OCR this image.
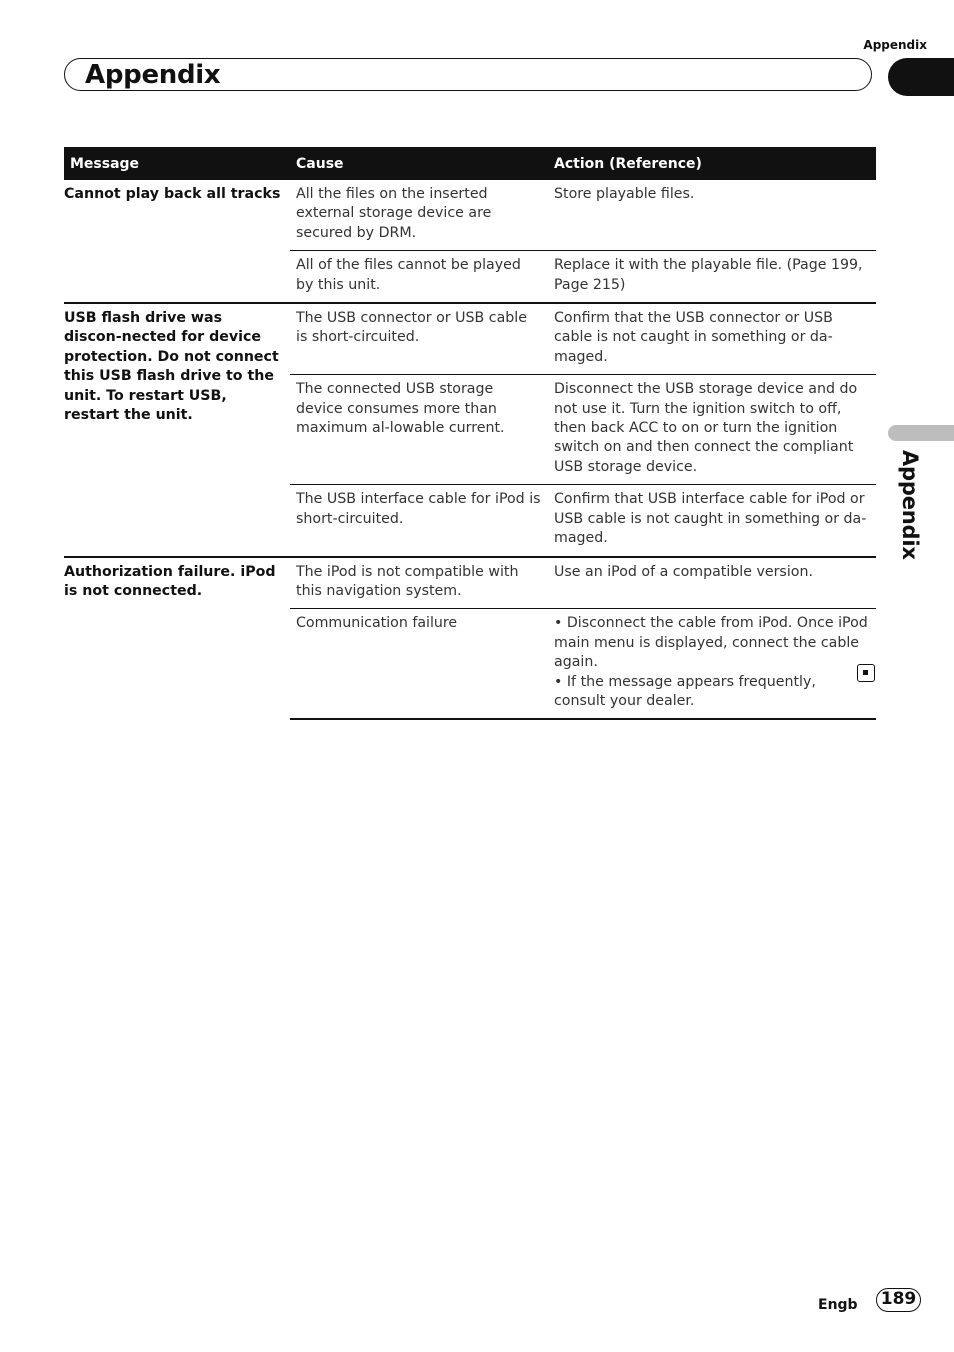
Appendix
Appendix
Appendix
Message	Cause	Action (Reference)
Cannot play back all tracks	All the files on the inserted external storage device are secured by DRM.	Store playable files.
	All of the files cannot be played by this unit.	Replace it with the playable file. (Page 199, Page 215)
USB flash drive was discon-nected for device protection. Do not connect this USB flash drive to the unit. To restart USB, restart the unit.	The USB connector or USB cable is short-circuited.	Confirm that the USB connector or USB cable is not caught in something or da-maged.
	The connected USB storage device consumes more than maximum al-lowable current.	Disconnect the USB storage device and do not use it. Turn the ignition switch to off, then back ACC to on or turn the ignition switch on and then connect the compliant USB storage device.
	The USB interface cable for iPod is short-circuited.	Confirm that USB interface cable for iPod or USB cable is not caught in something or da-maged.
Authorization failure. iPod is not connected.	The iPod is not compatible with this navigation system.	Use an iPod of a compatible version.
	Communication failure	• Disconnect the cable from iPod. Once iPod main menu is displayed, connect the cable again.
• If the message appears frequently, consult your dealer.
Engb 189
